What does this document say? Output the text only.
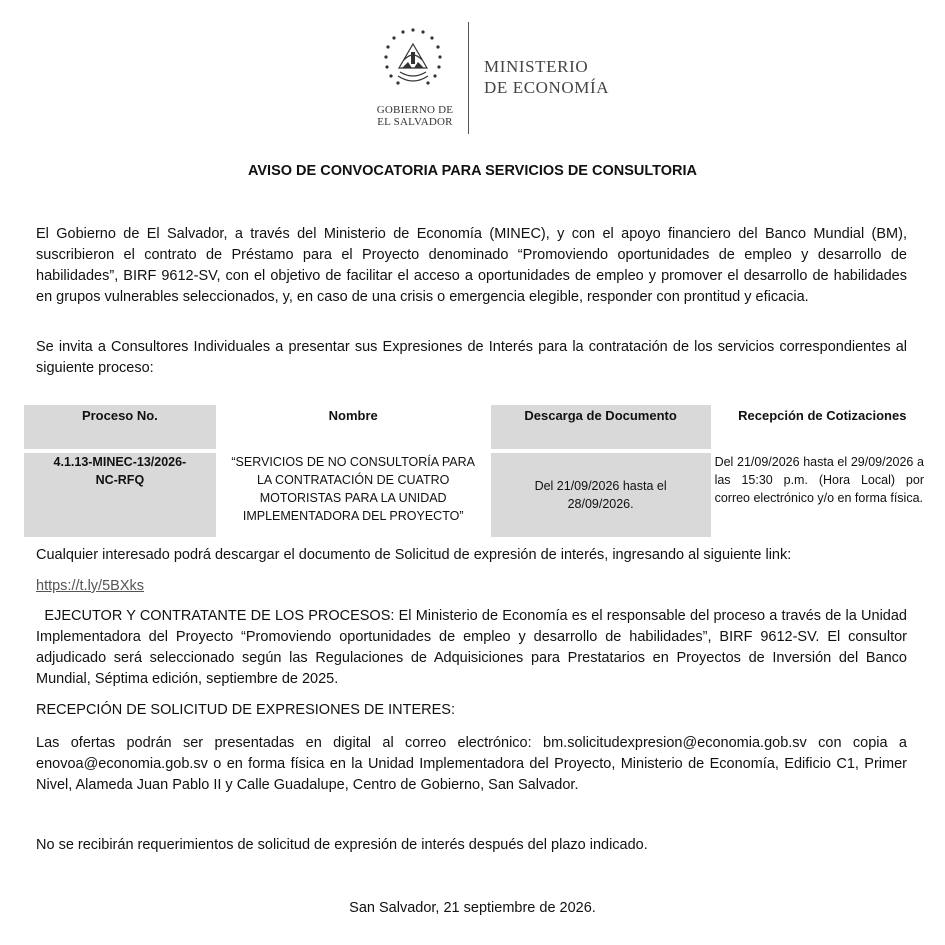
GOBIERNO DE
EL SALVADOR
MINISTERIO
DE ECONOMÍA
AVISO DE CONVOCATORIA PARA SERVICIOS DE CONSULTORIA

El Gobierno de El Salvador, a través del Ministerio de Economía (MINEC), y con el apoyo financiero del Banco Mundial (BM), suscribieron el contrato de Préstamo para el Proyecto denominado “Promoviendo oportunidades de empleo y desarrollo de habilidades”, BIRF 9612-SV, con el objetivo de facilitar el acceso a oportunidades de empleo y promover el desarrollo de habilidades en grupos vulnerables seleccionados, y, en caso de una crisis o emergencia elegible, responder con prontitud y eficacia.

Se invita a Consultores Individuales a presentar sus Expresiones de Interés para la contratación de los servicios correspondientes al siguiente proceso:

Proceso No.	Nombre	Descarga de Documento	Recepción de Cotizaciones

4.1.13-MINEC-13/2026-NC-RFQ	“SERVICIOS DE NO CONSULTORÍA PARA LA CONTRATACIÓN DE CUATRO MOTORISTAS PARA LA UNIDAD IMPLEMENTADORA DEL PROYECTO”	Del 21/09/2026 hasta el 28/09/2026.	Del 21/09/2026 hasta el 29/09/2026 a las 15:30 p.m. (Hora Local) por correo electrónico y/o en forma física.

Cualquier interesado podrá descargar el documento de Solicitud de expresión de interés, ingresando al siguiente link:

https://t.ly/5BXks

EJECUTOR Y CONTRATANTE DE LOS PROCESOS: El Ministerio de Economía es el responsable del proceso a través de la Unidad Implementadora del Proyecto “Promoviendo oportunidades de empleo y desarrollo de habilidades”, BIRF 9612-SV. El consultor adjudicado será seleccionado según las Regulaciones de Adquisiciones para Prestatarios en Proyectos de Inversión del Banco Mundial, Séptima edición, septiembre de 2025.

RECEPCIÓN DE SOLICITUD DE EXPRESIONES DE INTERES:

Las ofertas podrán ser presentadas en digital al correo electrónico: bm.solicitudexpresion@economia.gob.sv con copia a enovoa@economia.gob.sv o en forma física en la Unidad Implementadora del Proyecto, Ministerio de Economía, Edificio C1, Primer Nivel, Alameda Juan Pablo II y Calle Guadalupe, Centro de Gobierno, San Salvador.

No se recibirán requerimientos de solicitud de expresión de interés después del plazo indicado.

San Salvador, 21 septiembre de 2026.
